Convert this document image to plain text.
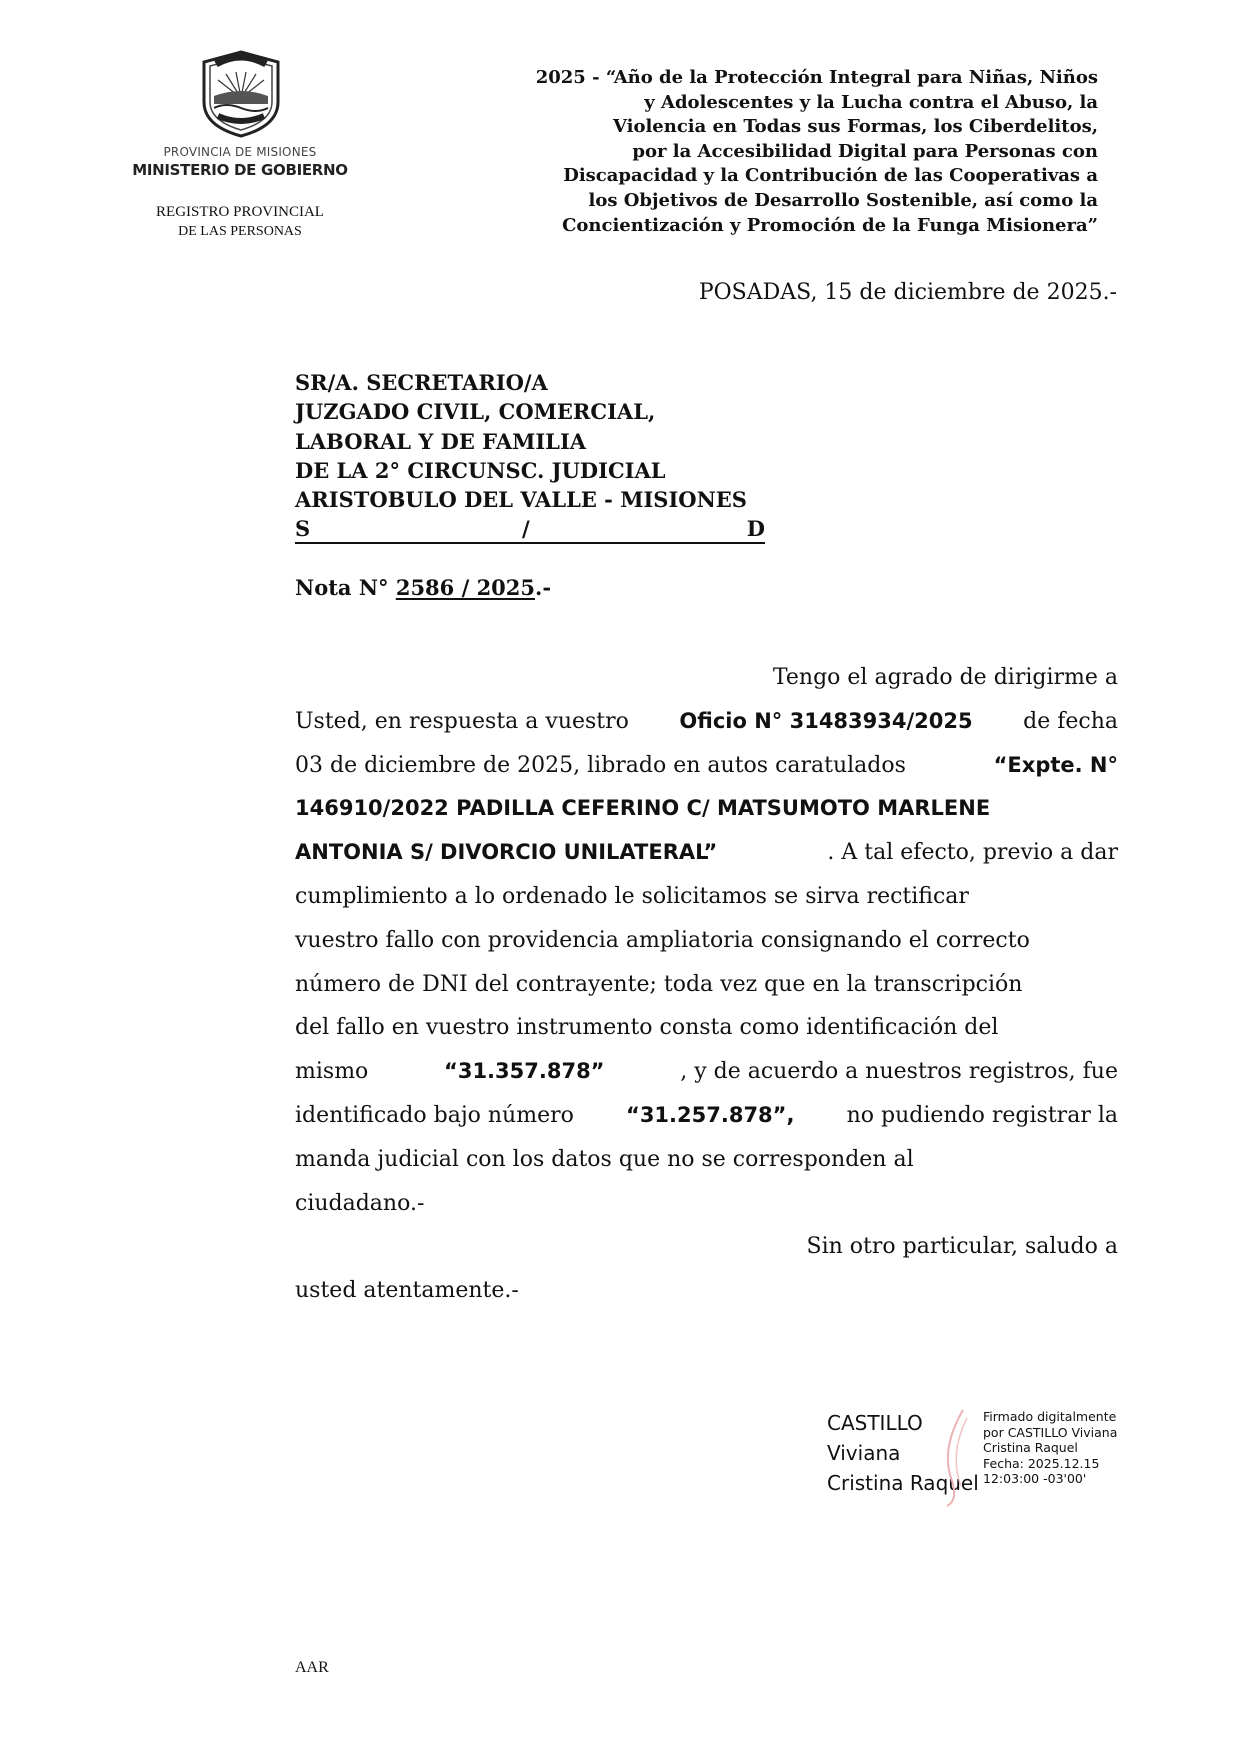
PROVINCIA DE MISIONES
MINISTERIO DE GOBIERNO
REGISTRO PROVINCIAL
DE LAS PERSONAS
2025 - “Año de la Protección Integral para Niñas, Niños
y Adolescentes y la Lucha contra el Abuso, la
Violencia en Todas sus Formas, los Ciberdelitos,
por la Accesibilidad Digital para Personas con
Discapacidad y la Contribución de las Cooperativas a
los Objetivos de Desarrollo Sostenible, así como la
Concientización y Promoción de la Funga Misionera”
POSADAS, 15 de diciembre de 2025.-
SR/A. SECRETARIO/A
JUZGADO CIVIL, COMERCIAL,
LABORAL Y DE FAMILIA
DE LA 2° CIRCUNSC. JUDICIAL
ARISTOBULO DEL VALLE - MISIONES
S	/	D
Nota N° 2586 / 2025.-
Tengo el agrado de dirigirme a
Usted, en respuesta a vuestro Oficio N° 31483934/2025 de fecha
03 de diciembre de 2025, librado en autos caratulados	“Expte. N°
146910/2022 PADILLA CEFERINO C/ MATSUMOTO MARLENE
ANTONIA S/ DIVORCIO UNILATERAL”	. A tal efecto, previo a dar
cumplimiento a lo ordenado le solicitamos se sirva rectificar
vuestro fallo con providencia ampliatoria consignando el correcto
número de DNI del contrayente; toda vez que en la transcripción
del fallo en vuestro instrumento consta como identificación del
mismo	“31.357.878”	, y de acuerdo a nuestros registros, fue
identificado bajo número “31.257.878”, no pudiendo registrar la
manda judicial con los datos que no se corresponden al
ciudadano.-
Sin otro particular, saludo a
usted atentamente.-
CASTILLO
Viviana
Cristina Raquel
Firmado digitalmente
por CASTILLO Viviana
Cristina Raquel
Fecha: 2025.12.15
12:03:00 -03'00'
AAR
